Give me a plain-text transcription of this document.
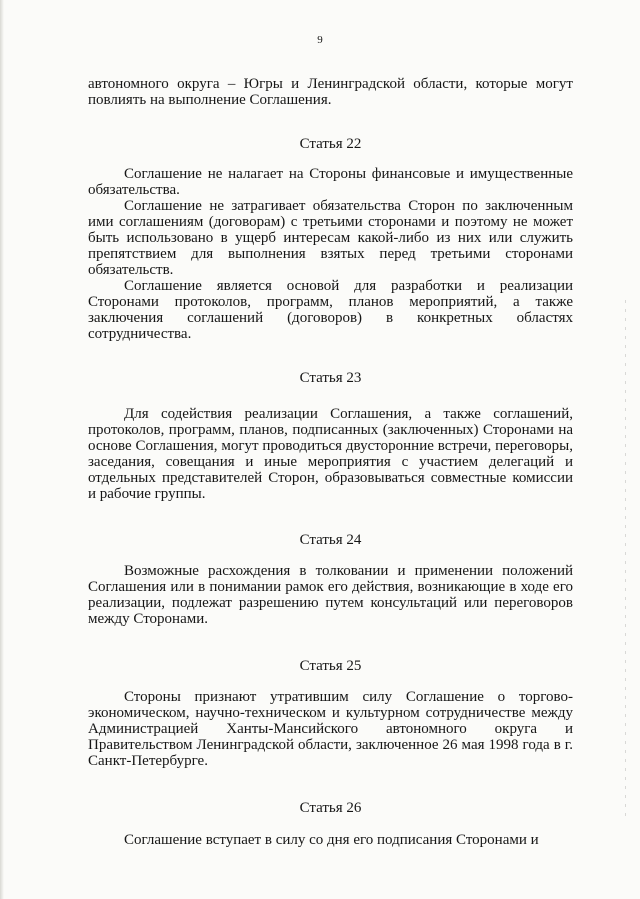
9

автономного округа – Югры и Ленинградской области, которые могут повлиять на выполнение Соглашения.

Статья 22

Соглашение не налагает на Стороны финансовые и имущественные обязательства.

Соглашение не затрагивает обязательства Сторон по заключенным ими соглашениям (договорам) с третьими сторонами и поэтому не может быть использовано в ущерб интересам какой-либо из них или служить препятствием для выполнения взятых перед третьими сторонами обязательств.

Соглашение является основой для разработки и реализации Сторонами протоколов, программ, планов мероприятий, а также заключения соглашений (договоров) в конкретных областях сотрудничества.

Статья 23

Для содействия реализации Соглашения, а также соглашений, протоколов, программ, планов, подписанных (заключенных) Сторонами на основе Соглашения, могут проводиться двусторонние встречи, переговоры, заседания, совещания и иные мероприятия с участием делегаций и отдельных представителей Сторон, образовываться совместные комиссии и рабочие группы.

Статья 24

Возможные расхождения в толковании и применении положений Соглашения или в понимании рамок его действия, возникающие в ходе его реализации, подлежат разрешению путем консультаций или переговоров между Сторонами.

Статья 25

Стороны признают утратившим силу Соглашение о торгово-экономическом, научно-техническом и культурном сотрудничестве между Администрацией Ханты-Мансийского автономного округа и Правительством Ленинградской области, заключенное 26 мая 1998 года в г. Санкт-Петербурге.

Статья 26

Соглашение вступает в силу со дня его подписания Сторонами и
